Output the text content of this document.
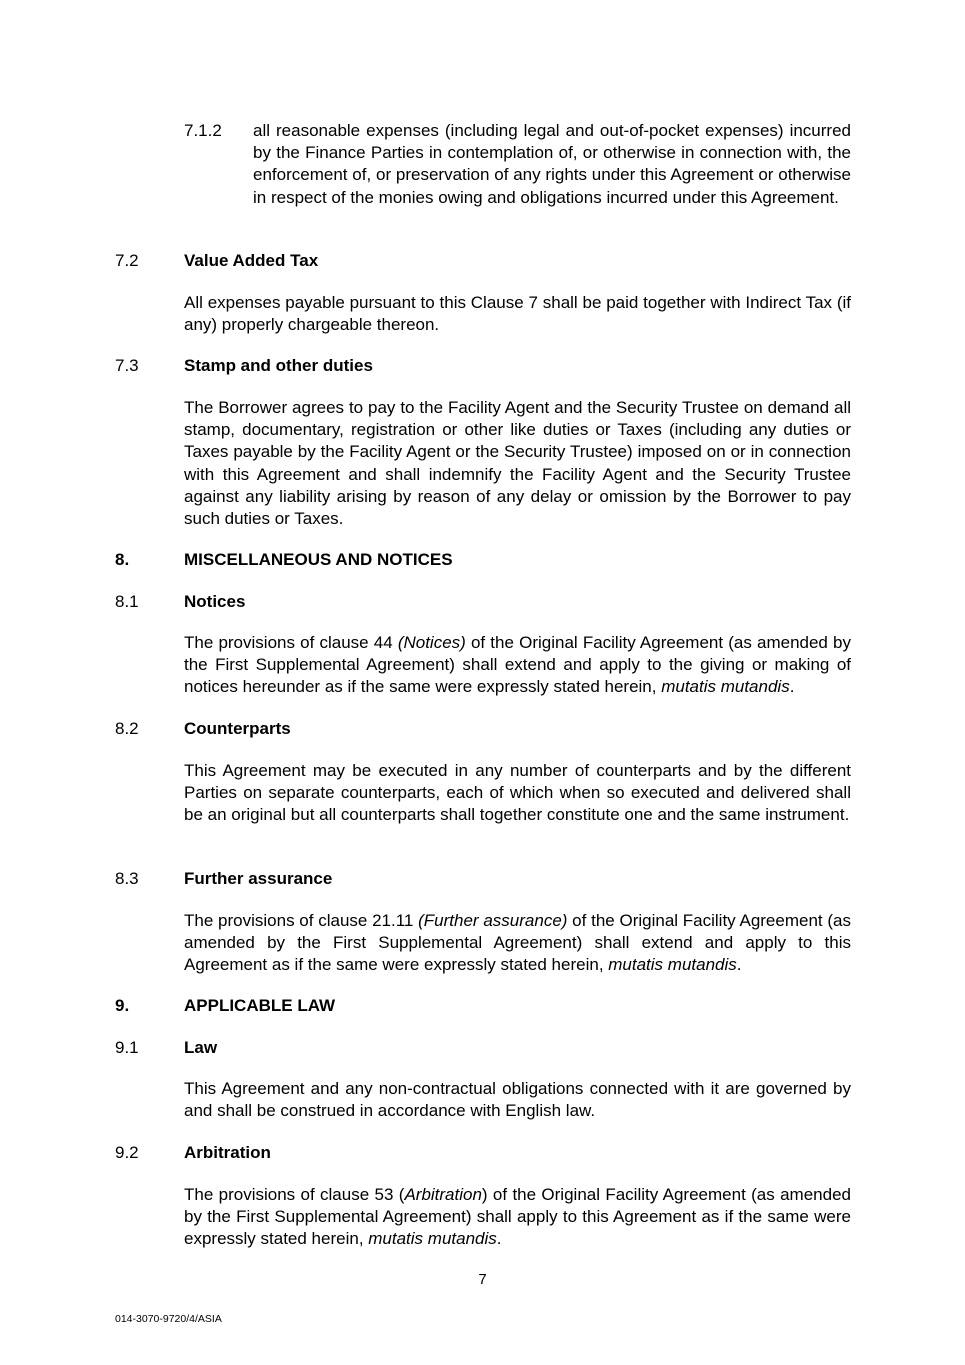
7.1.2 all reasonable expenses (including legal and out-of-pocket expenses) incurred by the Finance Parties in contemplation of, or otherwise in connection with, the enforcement of, or preservation of any rights under this Agreement or otherwise in respect of the monies owing and obligations incurred under this Agreement.
7.2	Value Added Tax
All expenses payable pursuant to this Clause 7 shall be paid together with Indirect Tax (if any) properly chargeable thereon.
7.3	Stamp and other duties
The Borrower agrees to pay to the Facility Agent and the Security Trustee on demand all stamp, documentary, registration or other like duties or Taxes (including any duties or Taxes payable by the Facility Agent or the Security Trustee) imposed on or in connection with this Agreement and shall indemnify the Facility Agent and the Security Trustee against any liability arising by reason of any delay or omission by the Borrower to pay such duties or Taxes.
8.	MISCELLANEOUS AND NOTICES
8.1	Notices
The provisions of clause 44 (Notices) of the Original Facility Agreement (as amended by the First Supplemental Agreement) shall extend and apply to the giving or making of notices hereunder as if the same were expressly stated herein, mutatis mutandis.
8.2	Counterparts
This Agreement may be executed in any number of counterparts and by the different Parties on separate counterparts, each of which when so executed and delivered shall be an original but all counterparts shall together constitute one and the same instrument.
8.3	Further assurance
The provisions of clause 21.11 (Further assurance) of the Original Facility Agreement (as amended by the First Supplemental Agreement) shall extend and apply to this Agreement as if the same were expressly stated herein, mutatis mutandis.
9.	APPLICABLE LAW
9.1	Law
This Agreement and any non-contractual obligations connected with it are governed by and shall be construed in accordance with English law.
9.2	Arbitration
The provisions of clause 53 (Arbitration) of the Original Facility Agreement (as amended by the First Supplemental Agreement) shall apply to this Agreement as if the same were expressly stated herein, mutatis mutandis.
7
014-3070-9720/4/ASIA
